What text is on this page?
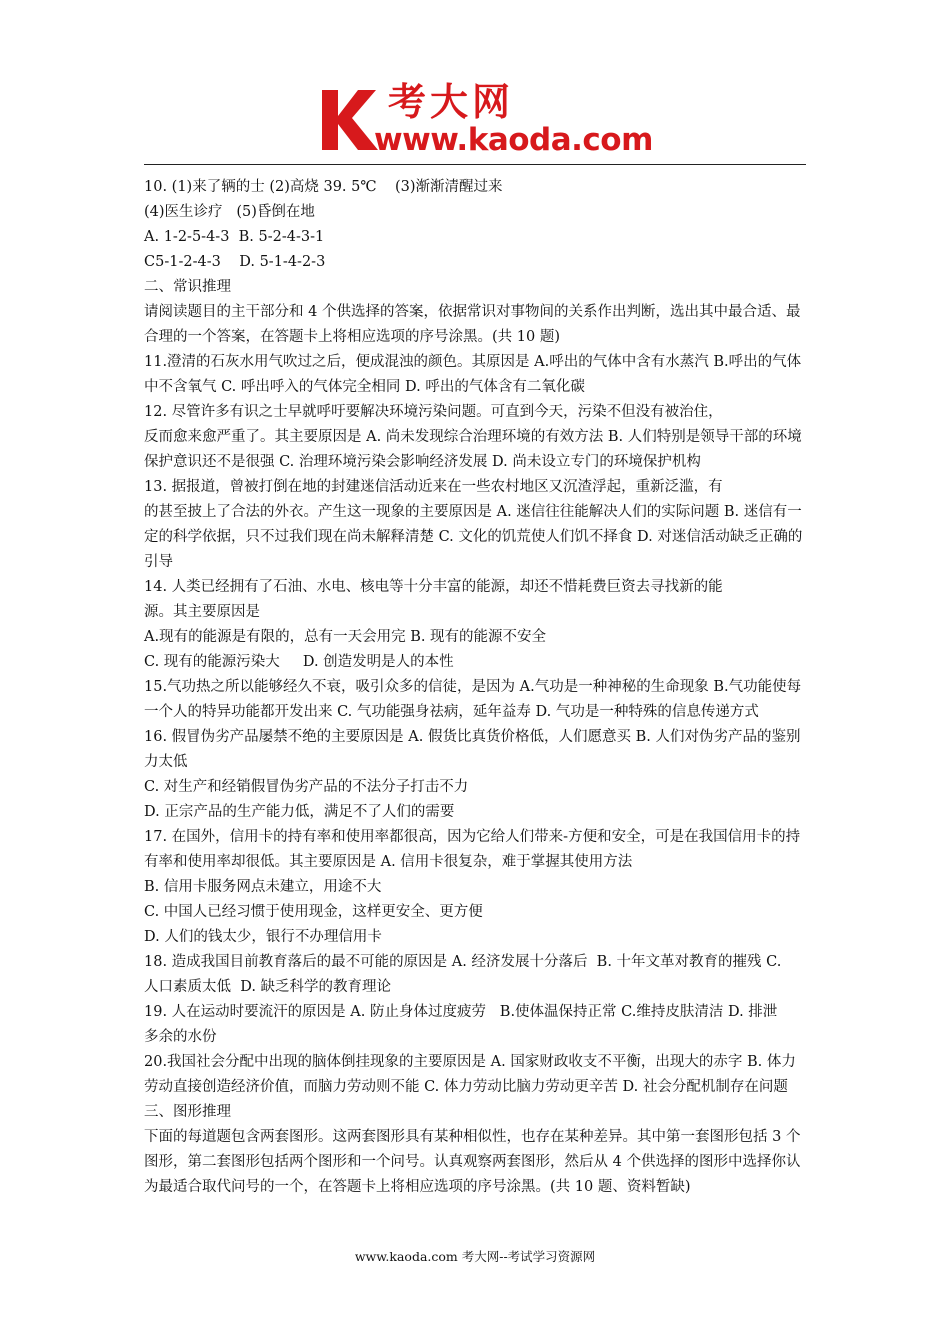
考大网
www.kaoda.com
10. (1)来了辆的士 (2)高烧 39. 5℃    (3)渐渐清醒过来
(4)医生诊疗   (5)昏倒在地
A. 1-2-5-4-3  B. 5-2-4-3-1
C5-1-2-4-3    D. 5-1-4-2-3
二、常识推理
请阅读题目的主干部分和 4 个供选择的答案，依据常识对事物间的关系作出判断，选出其中最合适、最
合理的一个答案，在答题卡上将相应选项的序号涂黑。(共 10 题)
11.澄清的石灰水用气吹过之后，便成混浊的颜色。其原因是 A.呼出的气体中含有水蒸汽 B.呼出的气体
中不含氧气 C. 呼出呼入的气体完全相同 D. 呼出的气体含有二氧化碳
12. 尽管许多有识之士早就呼吁要解决环境污染问题。可直到今天，污染不但没有被治住，
反而愈来愈严重了。其主要原因是 A. 尚未发现综合治理环境的有效方法 B. 人们特别是领导干部的环境
保护意识还不是很强 C. 治理环境污染会影响经济发展 D. 尚未设立专门的环境保护机构
13. 据报道，曾被打倒在地的封建迷信活动近来在一些农村地区又沉渣浮起，重新泛滥，有
的甚至披上了合法的外衣。产生这一现象的主要原因是 A. 迷信往往能解决人们的实际问题 B. 迷信有一
定的科学依据，只不过我们现在尚未解释清楚 C. 文化的饥荒使人们饥不择食 D. 对迷信活动缺乏正确的
引导
14. 人类已经拥有了石油、水电、核电等十分丰富的能源，却还不惜耗费巨资去寻找新的能
源。其主要原因是
A.现有的能源是有限的，总有一天会用完 B. 现有的能源不安全
C. 现有的能源污染大     D. 创造发明是人的本性
15.气功热之所以能够经久不衰，吸引众多的信徒，是因为 A.气功是一种神秘的生命现象 B.气功能使每
一个人的特异功能都开发出来 C. 气功能强身祛病，延年益寿 D. 气功是一种特殊的信息传递方式
16. 假冒伪劣产品屡禁不绝的主要原因是 A. 假货比真货价格低，人们愿意买 B. 人们对伪劣产品的鉴别
力太低
C. 对生产和经销假冒伪劣产品的不法分子打击不力
D. 正宗产品的生产能力低，满足不了人们的需要
17. 在国外，信用卡的持有率和使用率都很高，因为它给人们带来-方便和安全，可是在我国信用卡的持
有率和使用率却很低。其主要原因是 A. 信用卡很复杂，难于掌握其使用方法
B. 信用卡服务网点未建立，用途不大
C. 中国人已经习惯于使用现金，这样更安全、更方便
D. 人们的钱太少，银行不办理信用卡
18. 造成我国目前教育落后的最不可能的原因是 A. 经济发展十分落后  B. 十年文革对教育的摧残 C.
人口素质太低  D. 缺乏科学的教育理论
19. 人在运动时要流汗的原因是 A. 防止身体过度疲劳   B.使体温保持正常 C.维持皮肤清洁 D. 排泄
多余的水份
20.我国社会分配中出现的脑体倒挂现象的主要原因是 A. 国家财政收支不平衡，出现大的赤字 B. 体力
劳动直接创造经济价值，而脑力劳动则不能 C. 体力劳动比脑力劳动更辛苦 D. 社会分配机制存在问题
三、图形推理
下面的每道题包含两套图形。这两套图形具有某种相似性，也存在某种差异。其中第一套图形包括 3 个
图形，第二套图形包括两个图形和一个问号。认真观察两套图形，然后从 4 个供选择的图形中选择你认
为最适合取代问号的一个，在答题卡上将相应选项的序号涂黑。(共 10 题、资料暂缺)
www.kaoda.com 考大网--考试学习资源网
